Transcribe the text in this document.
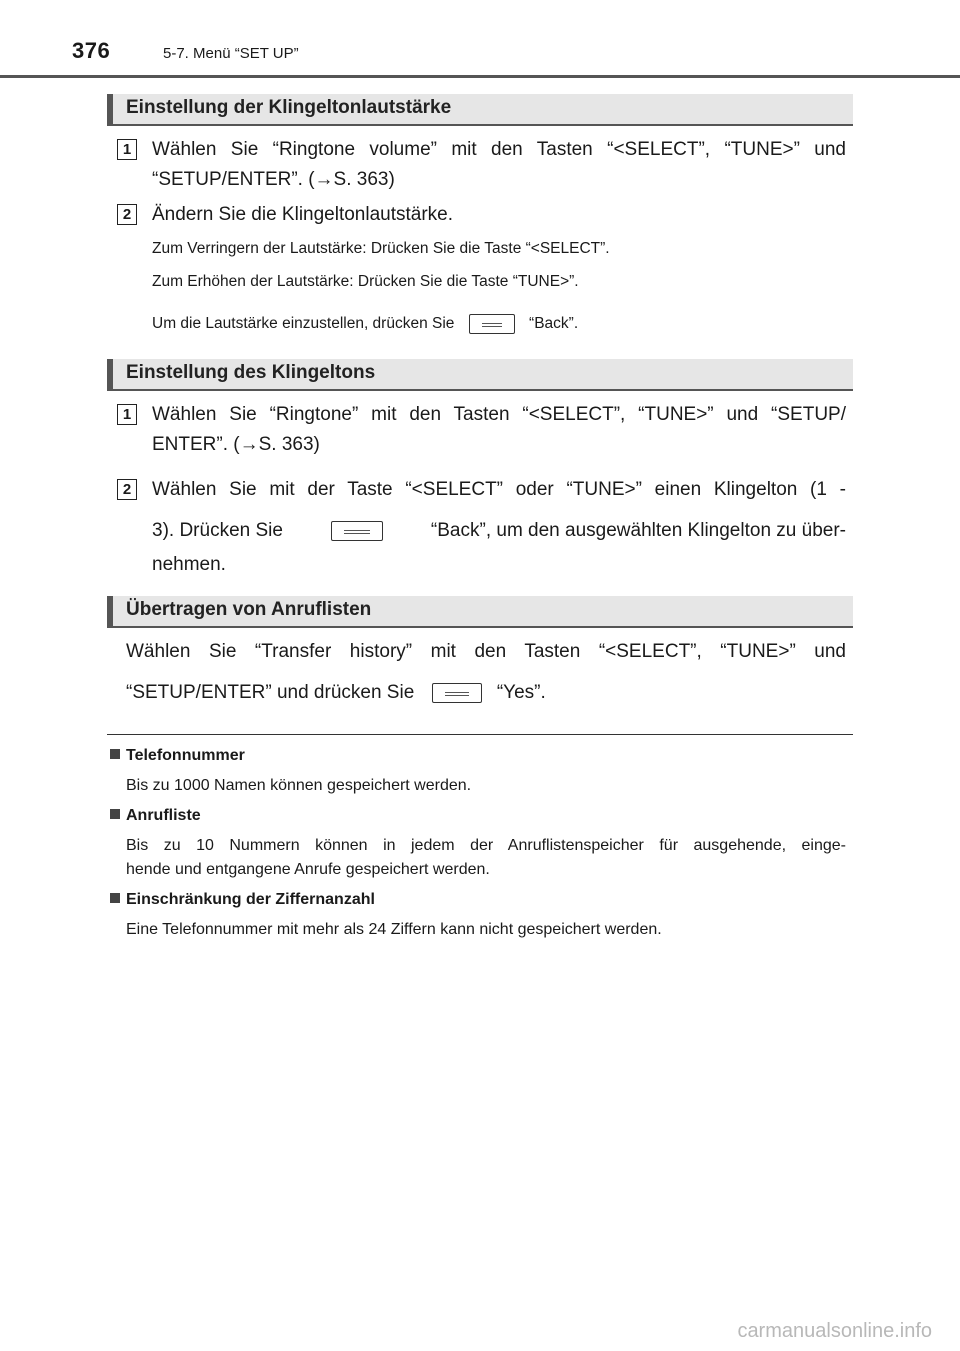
376	5-7. Menü “SET UP”
Einstellung der Klingeltonlautstärke
1	Wählen Sie “Ringtone volume” mit den Tasten “<SELECT”, “TUNE>” und
“SETUP/ENTER”. (→S. 363)
2	Ändern Sie die Klingeltonlautstärke.
Zum Verringern der Lautstärke: Drücken Sie die Taste “<SELECT”.
Zum Erhöhen der Lautstärke: Drücken Sie die Taste “TUNE>”.
Um die Lautstärke einzustellen, drücken Sie	“Back”.
Einstellung des Klingeltons
1	Wählen Sie “Ringtone” mit den Tasten “<SELECT”, “TUNE>” und “SETUP/
ENTER”. (→S. 363)
2	Wählen Sie mit der Taste “<SELECT” oder “TUNE>” einen Klingelton (1 -
3). Drücken Sie	“Back”, um den ausgewählten Klingelton zu über-
nehmen.
Übertragen von Anruflisten
Wählen Sie “Transfer history” mit den Tasten “<SELECT”, “TUNE>” und
“SETUP/ENTER” und drücken Sie	“Yes”.
Telefonnummer
Bis zu 1000 Namen können gespeichert werden.
Anrufliste
Bis zu 10 Nummern können in jedem der Anruflistenspeicher für ausgehende, einge-
hende und entgangene Anrufe gespeichert werden.
Einschränkung der Ziffernanzahl
Eine Telefonnummer mit mehr als 24 Ziffern kann nicht gespeichert werden.
carmanualsonline.info
